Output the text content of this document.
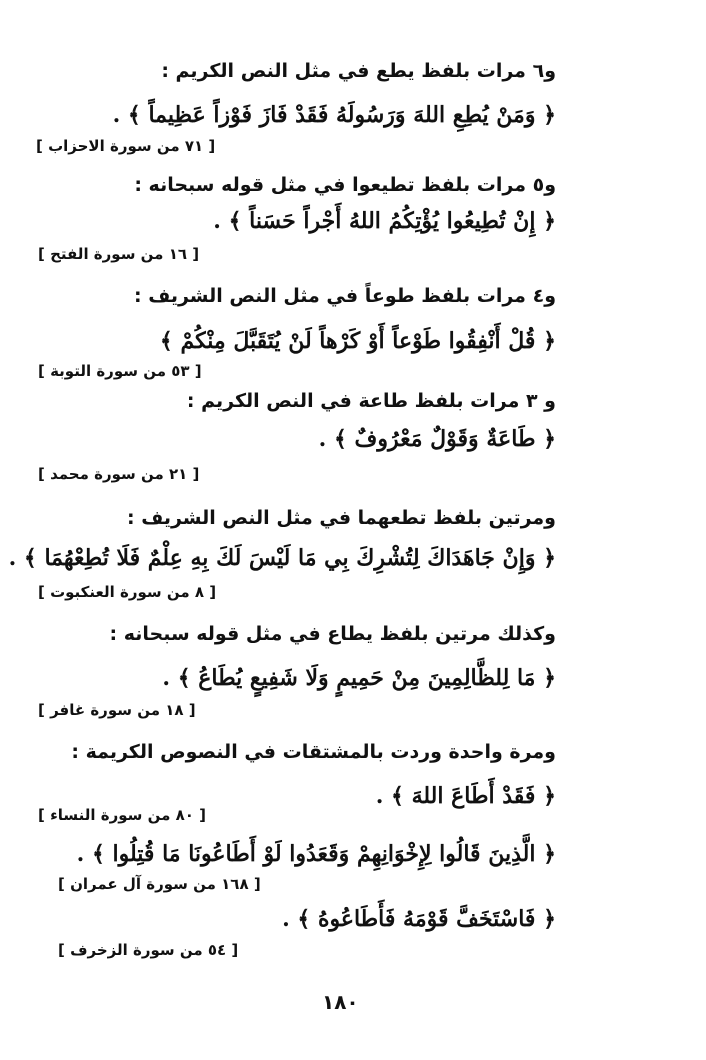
و٦ مرات بلفظ يطع في مثل النص الكريم :
﴿ وَمَنْ يُطِعِ اللهَ وَرَسُولَهُ فَقَدْ فَازَ فَوْزاً عَظِيماً ﴾ .
[ ٧١ من سورة الاحزاب ]
و٥ مرات بلفظ تطيعوا في مثل قوله سبحانه :
﴿ إِنْ تُطِيعُوا يُؤْتِكُمُ اللهُ أَجْراً حَسَناً ﴾ .
[ ١٦ من سورة الفتح ]
و٤ مرات بلفظ طوعاً في مثل النص الشريف :
﴿ قُلْ أَنْفِقُوا طَوْعاً أَوْ كَرْهاً لَنْ يُتَقَبَّلَ مِنْكُمْ ﴾
[ ٥٣ من سورة التوبة ]
و ٣ مرات بلفظ طاعة في النص الكريم :
﴿ طَاعَةٌ وَقَوْلٌ مَعْرُوفٌ ﴾ .
[ ٢١ من سورة محمد ]
ومرتين بلفظ تطعهما في مثل النص الشريف :
﴿ وَإِنْ جَاهَدَاكَ لِتُشْرِكَ بِي مَا لَيْسَ لَكَ بِهِ عِلْمٌ فَلَا تُطِعْهُمَا ﴾ .
[ ٨ من سورة العنكبوت ]
وكذلك مرتين بلفظ يطاع في مثل قوله سبحانه :
﴿ مَا لِلظَّالِمِينَ مِنْ حَمِيمٍ وَلَا شَفِيعٍ يُطَاعُ ﴾ .
[ ١٨ من سورة غافر ]
ومرة واحدة وردت بالمشتقات في النصوص الكريمة :
﴿ فَقَدْ أَطَاعَ اللهَ ﴾ .
[ ٨٠ من سورة النساء ]
﴿ الَّذِينَ قَالُوا لِإِخْوَانِهِمْ وَقَعَدُوا لَوْ أَطَاعُونَا مَا قُتِلُوا ﴾ .
[ ١٦٨ من سورة آل عمران ]
﴿ فَاسْتَخَفَّ قَوْمَهُ فَأَطَاعُوهُ ﴾ .
[ ٥٤ من سورة الزخرف ]
١٨٠
